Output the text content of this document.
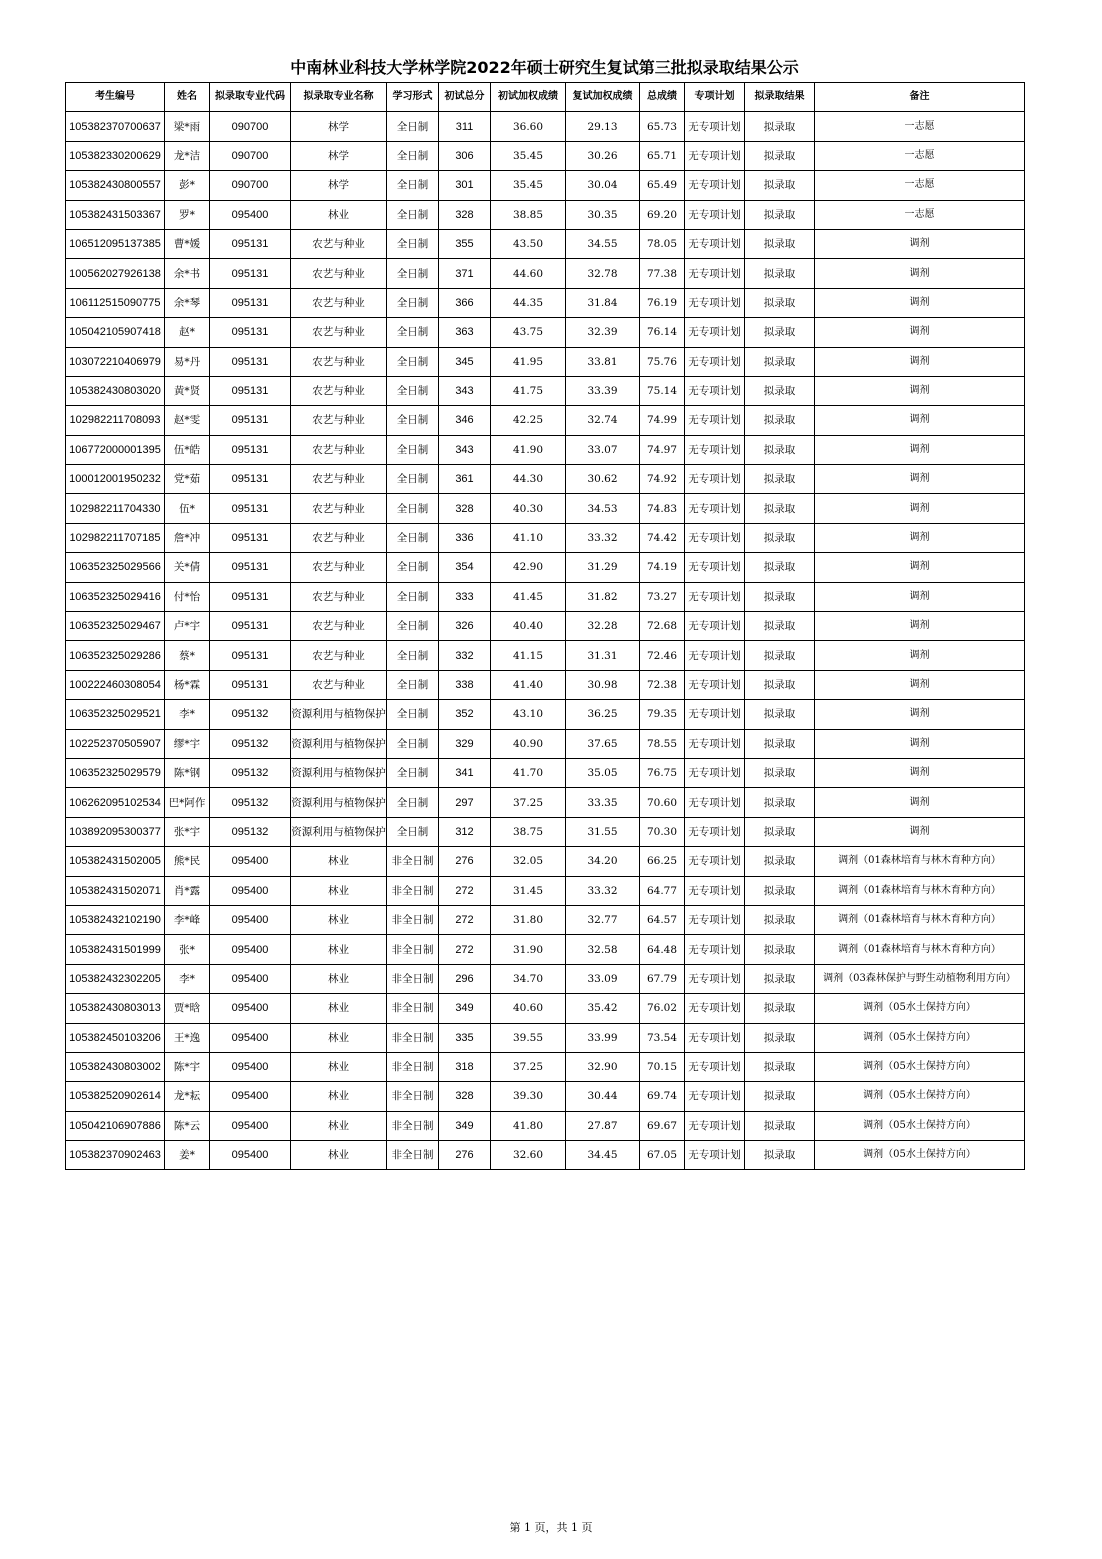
中南林业科技大学林学院2022年硕士研究生复试第三批拟录取结果公示
考生编号	姓名	拟录取专业代码	拟录取专业名称	学习形式	初试总分	初试加权成绩	复试加权成绩	总成绩	专项计划	拟录取结果	备注
105382370700637	梁*雨	090700	林学	全日制	311	36.60	29.13	65.73	无专项计划	拟录取	一志愿
105382330200629	龙*洁	090700	林学	全日制	306	35.45	30.26	65.71	无专项计划	拟录取	一志愿
105382430800557	彭*	090700	林学	全日制	301	35.45	30.04	65.49	无专项计划	拟录取	一志愿
105382431503367	罗*	095400	林业	全日制	328	38.85	30.35	69.20	无专项计划	拟录取	一志愿
106512095137385	曹*媛	095131	农艺与种业	全日制	355	43.50	34.55	78.05	无专项计划	拟录取	调剂
100562027926138	余*书	095131	农艺与种业	全日制	371	44.60	32.78	77.38	无专项计划	拟录取	调剂
106112515090775	余*琴	095131	农艺与种业	全日制	366	44.35	31.84	76.19	无专项计划	拟录取	调剂
105042105907418	赵*	095131	农艺与种业	全日制	363	43.75	32.39	76.14	无专项计划	拟录取	调剂
103072210406979	易*丹	095131	农艺与种业	全日制	345	41.95	33.81	75.76	无专项计划	拟录取	调剂
105382430803020	黄*贤	095131	农艺与种业	全日制	343	41.75	33.39	75.14	无专项计划	拟录取	调剂
102982211708093	赵*雯	095131	农艺与种业	全日制	346	42.25	32.74	74.99	无专项计划	拟录取	调剂
106772000001395	伍*皓	095131	农艺与种业	全日制	343	41.90	33.07	74.97	无专项计划	拟录取	调剂
100012001950232	党*茹	095131	农艺与种业	全日制	361	44.30	30.62	74.92	无专项计划	拟录取	调剂
102982211704330	伍*	095131	农艺与种业	全日制	328	40.30	34.53	74.83	无专项计划	拟录取	调剂
102982211707185	詹*冲	095131	农艺与种业	全日制	336	41.10	33.32	74.42	无专项计划	拟录取	调剂
106352325029566	关*倩	095131	农艺与种业	全日制	354	42.90	31.29	74.19	无专项计划	拟录取	调剂
106352325029416	付*怡	095131	农艺与种业	全日制	333	41.45	31.82	73.27	无专项计划	拟录取	调剂
106352325029467	卢*宇	095131	农艺与种业	全日制	326	40.40	32.28	72.68	无专项计划	拟录取	调剂
106352325029286	蔡*	095131	农艺与种业	全日制	332	41.15	31.31	72.46	无专项计划	拟录取	调剂
100222460308054	杨*霖	095131	农艺与种业	全日制	338	41.40	30.98	72.38	无专项计划	拟录取	调剂
106352325029521	李*	095132	资源利用与植物保护	全日制	352	43.10	36.25	79.35	无专项计划	拟录取	调剂
102252370505907	缪*宇	095132	资源利用与植物保护	全日制	329	40.90	37.65	78.55	无专项计划	拟录取	调剂
106352325029579	陈*钢	095132	资源利用与植物保护	全日制	341	41.70	35.05	76.75	无专项计划	拟录取	调剂
106262095102534	巴*阿作	095132	资源利用与植物保护	全日制	297	37.25	33.35	70.60	无专项计划	拟录取	调剂
103892095300377	张*宇	095132	资源利用与植物保护	全日制	312	38.75	31.55	70.30	无专项计划	拟录取	调剂
105382431502005	熊*民	095400	林业	非全日制	276	32.05	34.20	66.25	无专项计划	拟录取	调剂（01森林培育与林木育种方向）
105382431502071	肖*露	095400	林业	非全日制	272	31.45	33.32	64.77	无专项计划	拟录取	调剂（01森林培育与林木育种方向）
105382432102190	李*峰	095400	林业	非全日制	272	31.80	32.77	64.57	无专项计划	拟录取	调剂（01森林培育与林木育种方向）
105382431501999	张*	095400	林业	非全日制	272	31.90	32.58	64.48	无专项计划	拟录取	调剂（01森林培育与林木育种方向）
105382432302205	李*	095400	林业	非全日制	296	34.70	33.09	67.79	无专项计划	拟录取	调剂（03森林保护与野生动植物利用方向）
105382430803013	贾*晗	095400	林业	非全日制	349	40.60	35.42	76.02	无专项计划	拟录取	调剂（05水土保持方向）
105382450103206	王*逸	095400	林业	非全日制	335	39.55	33.99	73.54	无专项计划	拟录取	调剂（05水土保持方向）
105382430803002	陈*宇	095400	林业	非全日制	318	37.25	32.90	70.15	无专项计划	拟录取	调剂（05水土保持方向）
105382520902614	龙*耘	095400	林业	非全日制	328	39.30	30.44	69.74	无专项计划	拟录取	调剂（05水土保持方向）
105042106907886	陈*云	095400	林业	非全日制	349	41.80	27.87	69.67	无专项计划	拟录取	调剂（05水土保持方向）
105382370902463	姜*	095400	林业	非全日制	276	32.60	34.45	67.05	无专项计划	拟录取	调剂（05水土保持方向）
第 1 页，共 1 页
